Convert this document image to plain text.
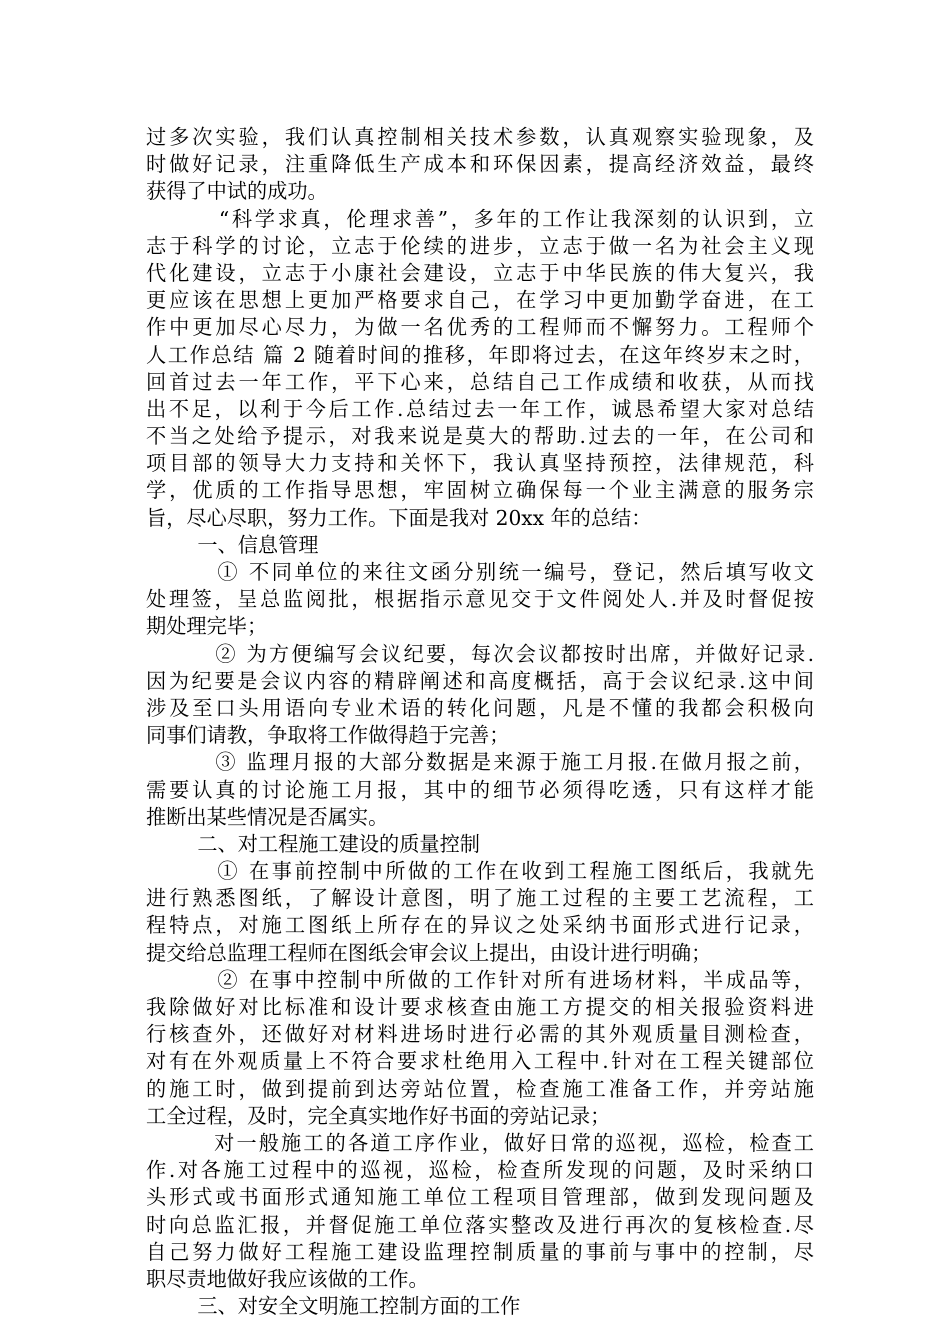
过多次实验，我们认真控制相关技术参数，认真观察实验现象，及
时做好记录，注重降低生产成本和环保因素，提高经济效益，最终
获得了中试的成功。
“科学求真，伦理求善”，多年的工作让我深刻的认识到，立
志于科学的讨论，立志于伦续的进步，立志于做一名为社会主义现
代化建设，立志于小康社会建设，立志于中华民族的伟大复兴，我
更应该在思想上更加严格要求自己，在学习中更加勤学奋进，在工
作中更加尽心尽力，为做一名优秀的工程师而不懈努力。工程师个
人工作总结 篇 2 随着时间的推移，年即将过去，在这年终岁末之时，
回首过去一年工作，平下心来，总结自己工作成绩和收获，从而找
出不足，以利于今后工作.总结过去一年工作，诚恳希望大家对总结
不当之处给予提示，对我来说是莫大的帮助.过去的一年，在公司和
项目部的领导大力支持和关怀下，我认真坚持预控，法律规范，科
学，优质的工作指导思想，牢固树立确保每一个业主满意的服务宗
旨，尽心尽职，努力工作。下面是我对 20xx 年的总结：
一、信息管理
① 不同单位的来往文函分别统一编号，登记，然后填写收文
处理签，呈总监阅批，根据指示意见交于文件阅处人.并及时督促按
期处理完毕；
② 为方便编写会议纪要，每次会议都按时出席，并做好记录.
因为纪要是会议内容的精辟阐述和高度概括，高于会议纪录.这中间
涉及至口头用语向专业术语的转化问题，凡是不懂的我都会积极向
同事们请教，争取将工作做得趋于完善；
③ 监理月报的大部分数据是来源于施工月报.在做月报之前，
需要认真的讨论施工月报，其中的细节必须得吃透，只有这样才能
推断出某些情况是否属实。
二、对工程施工建设的质量控制
① 在事前控制中所做的工作在收到工程施工图纸后，我就先
进行熟悉图纸，了解设计意图，明了施工过程的主要工艺流程，工
程特点，对施工图纸上所存在的异议之处采纳书面形式进行记录，
提交给总监理工程师在图纸会审会议上提出，由设计进行明确；
② 在事中控制中所做的工作针对所有进场材料，半成品等，
我除做好对比标准和设计要求核查由施工方提交的相关报验资料进
行核查外，还做好对材料进场时进行必需的其外观质量目测检查，
对有在外观质量上不符合要求杜绝用入工程中.针对在工程关键部位
的施工时，做到提前到达旁站位置，检查施工准备工作，并旁站施
工全过程，及时，完全真实地作好书面的旁站记录；
对一般施工的各道工序作业，做好日常的巡视，巡检，检查工
作.对各施工过程中的巡视，巡检，检查所发现的问题，及时采纳口
头形式或书面形式通知施工单位工程项目管理部，做到发现问题及
时向总监汇报，并督促施工单位落实整改及进行再次的复核检查.尽
自己努力做好工程施工建设监理控制质量的事前与事中的控制，尽
职尽责地做好我应该做的工作。
三、对安全文明施工控制方面的工作
